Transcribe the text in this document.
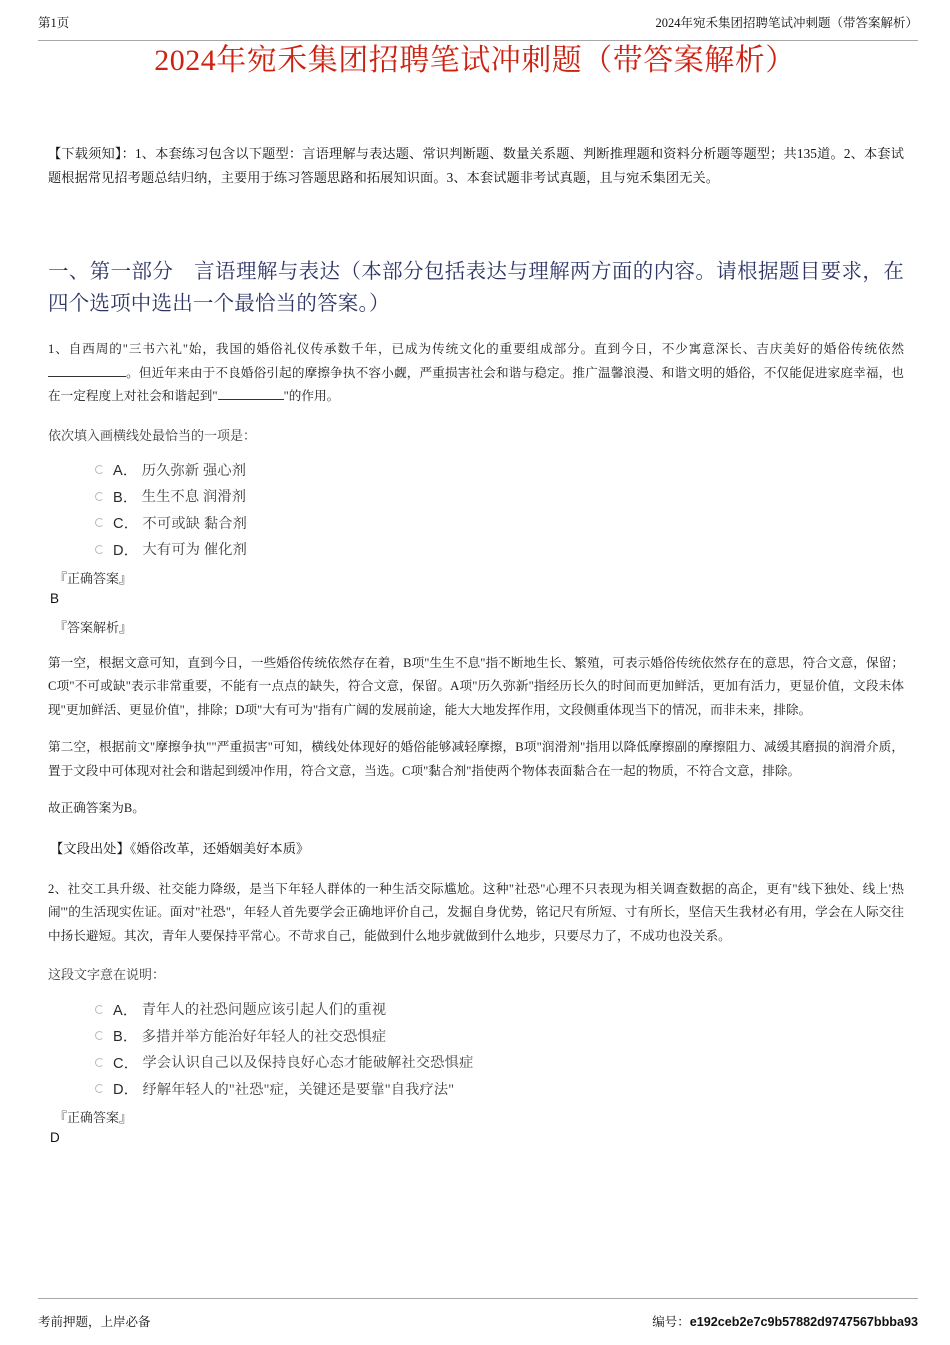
第1页	2024年宛禾集团招聘笔试冲刺题（带答案解析）
2024年宛禾集团招聘笔试冲刺题（带答案解析）
【下载须知】：1、本套练习包含以下题型：言语理解与表达题、常识判断题、数量关系题、判断推理题和资料分析题等题型；共135道。2、本套试题根据常见招考题总结归纳，主要用于练习答题思路和拓展知识面。3、本套试题非考试真题，且与宛禾集团无关。
一、第一部分　言语理解与表达（本部分包括表达与理解两方面的内容。请根据题目要求，在四个选项中选出一个最恰当的答案。）
1、自西周的"三书六礼"始，我国的婚俗礼仪传承数千年，已成为传统文化的重要组成部分。直到今日，不少寓意深长、吉庆美好的婚俗传统依然。但近年来由于不良婚俗引起的摩擦争执不容小觑，严重损害社会和谐与稳定。推广温馨浪漫、和谐文明的婚俗，不仅能促进家庭幸福，也在一定程度上对社会和谐起到"	"的作用。
依次填入画横线处最恰当的一项是：
A． 历久弥新 强心剂
B． 生生不息 润滑剂
C． 不可或缺 黏合剂
D． 大有可为 催化剂
『正确答案』
B
『答案解析』
第一空，根据文意可知，直到今日，一些婚俗传统依然存在着，B项"生生不息"指不断地生长、繁殖，可表示婚俗传统依然存在的意思，符合文意，保留；C项"不可或缺"表示非常重要，不能有一点点的缺失，符合文意，保留。A项"历久弥新"指经历长久的时间而更加鲜活，更加有活力，更显价值，文段未体现"更加鲜活、更显价值"，排除；D项"大有可为"指有广阔的发展前途，能大大地发挥作用，文段侧重体现当下的情况，而非未来，排除。
第二空，根据前文"摩擦争执""严重损害"可知，横线处体现好的婚俗能够减轻摩擦，B项"润滑剂"指用以降低摩擦副的摩擦阻力、减缓其磨损的润滑介质，置于文段中可体现对社会和谐起到缓冲作用，符合文意，当选。C项"黏合剂"指使两个物体表面黏合在一起的物质，不符合文意，排除。
故正确答案为B。
【文段出处】《婚俗改革，还婚姻美好本质》
2、社交工具升级、社交能力降级，是当下年轻人群体的一种生活交际尴尬。这种"社恐"心理不只表现为相关调查数据的高企，更有"线下独处、线上'热闹'"的生活现实佐证。面对"社恐"，年轻人首先要学会正确地评价自己，发掘自身优势，铭记尺有所短、寸有所长，坚信天生我材必有用，学会在人际交往中扬长避短。其次，青年人要保持平常心。不苛求自己，能做到什么地步就做到什么地步，只要尽力了，不成功也没关系。
这段文字意在说明：
A． 青年人的社恐问题应该引起人们的重视
B． 多措并举方能治好年轻人的社交恐惧症
C． 学会认识自己以及保持良好心态才能破解社交恐惧症
D． 纾解年轻人的"社恐"症，关键还是要靠"自我疗法"
『正确答案』
D
考前押题，上岸必备	编号：e192ceb2e7c9b57882d9747567bbba93
